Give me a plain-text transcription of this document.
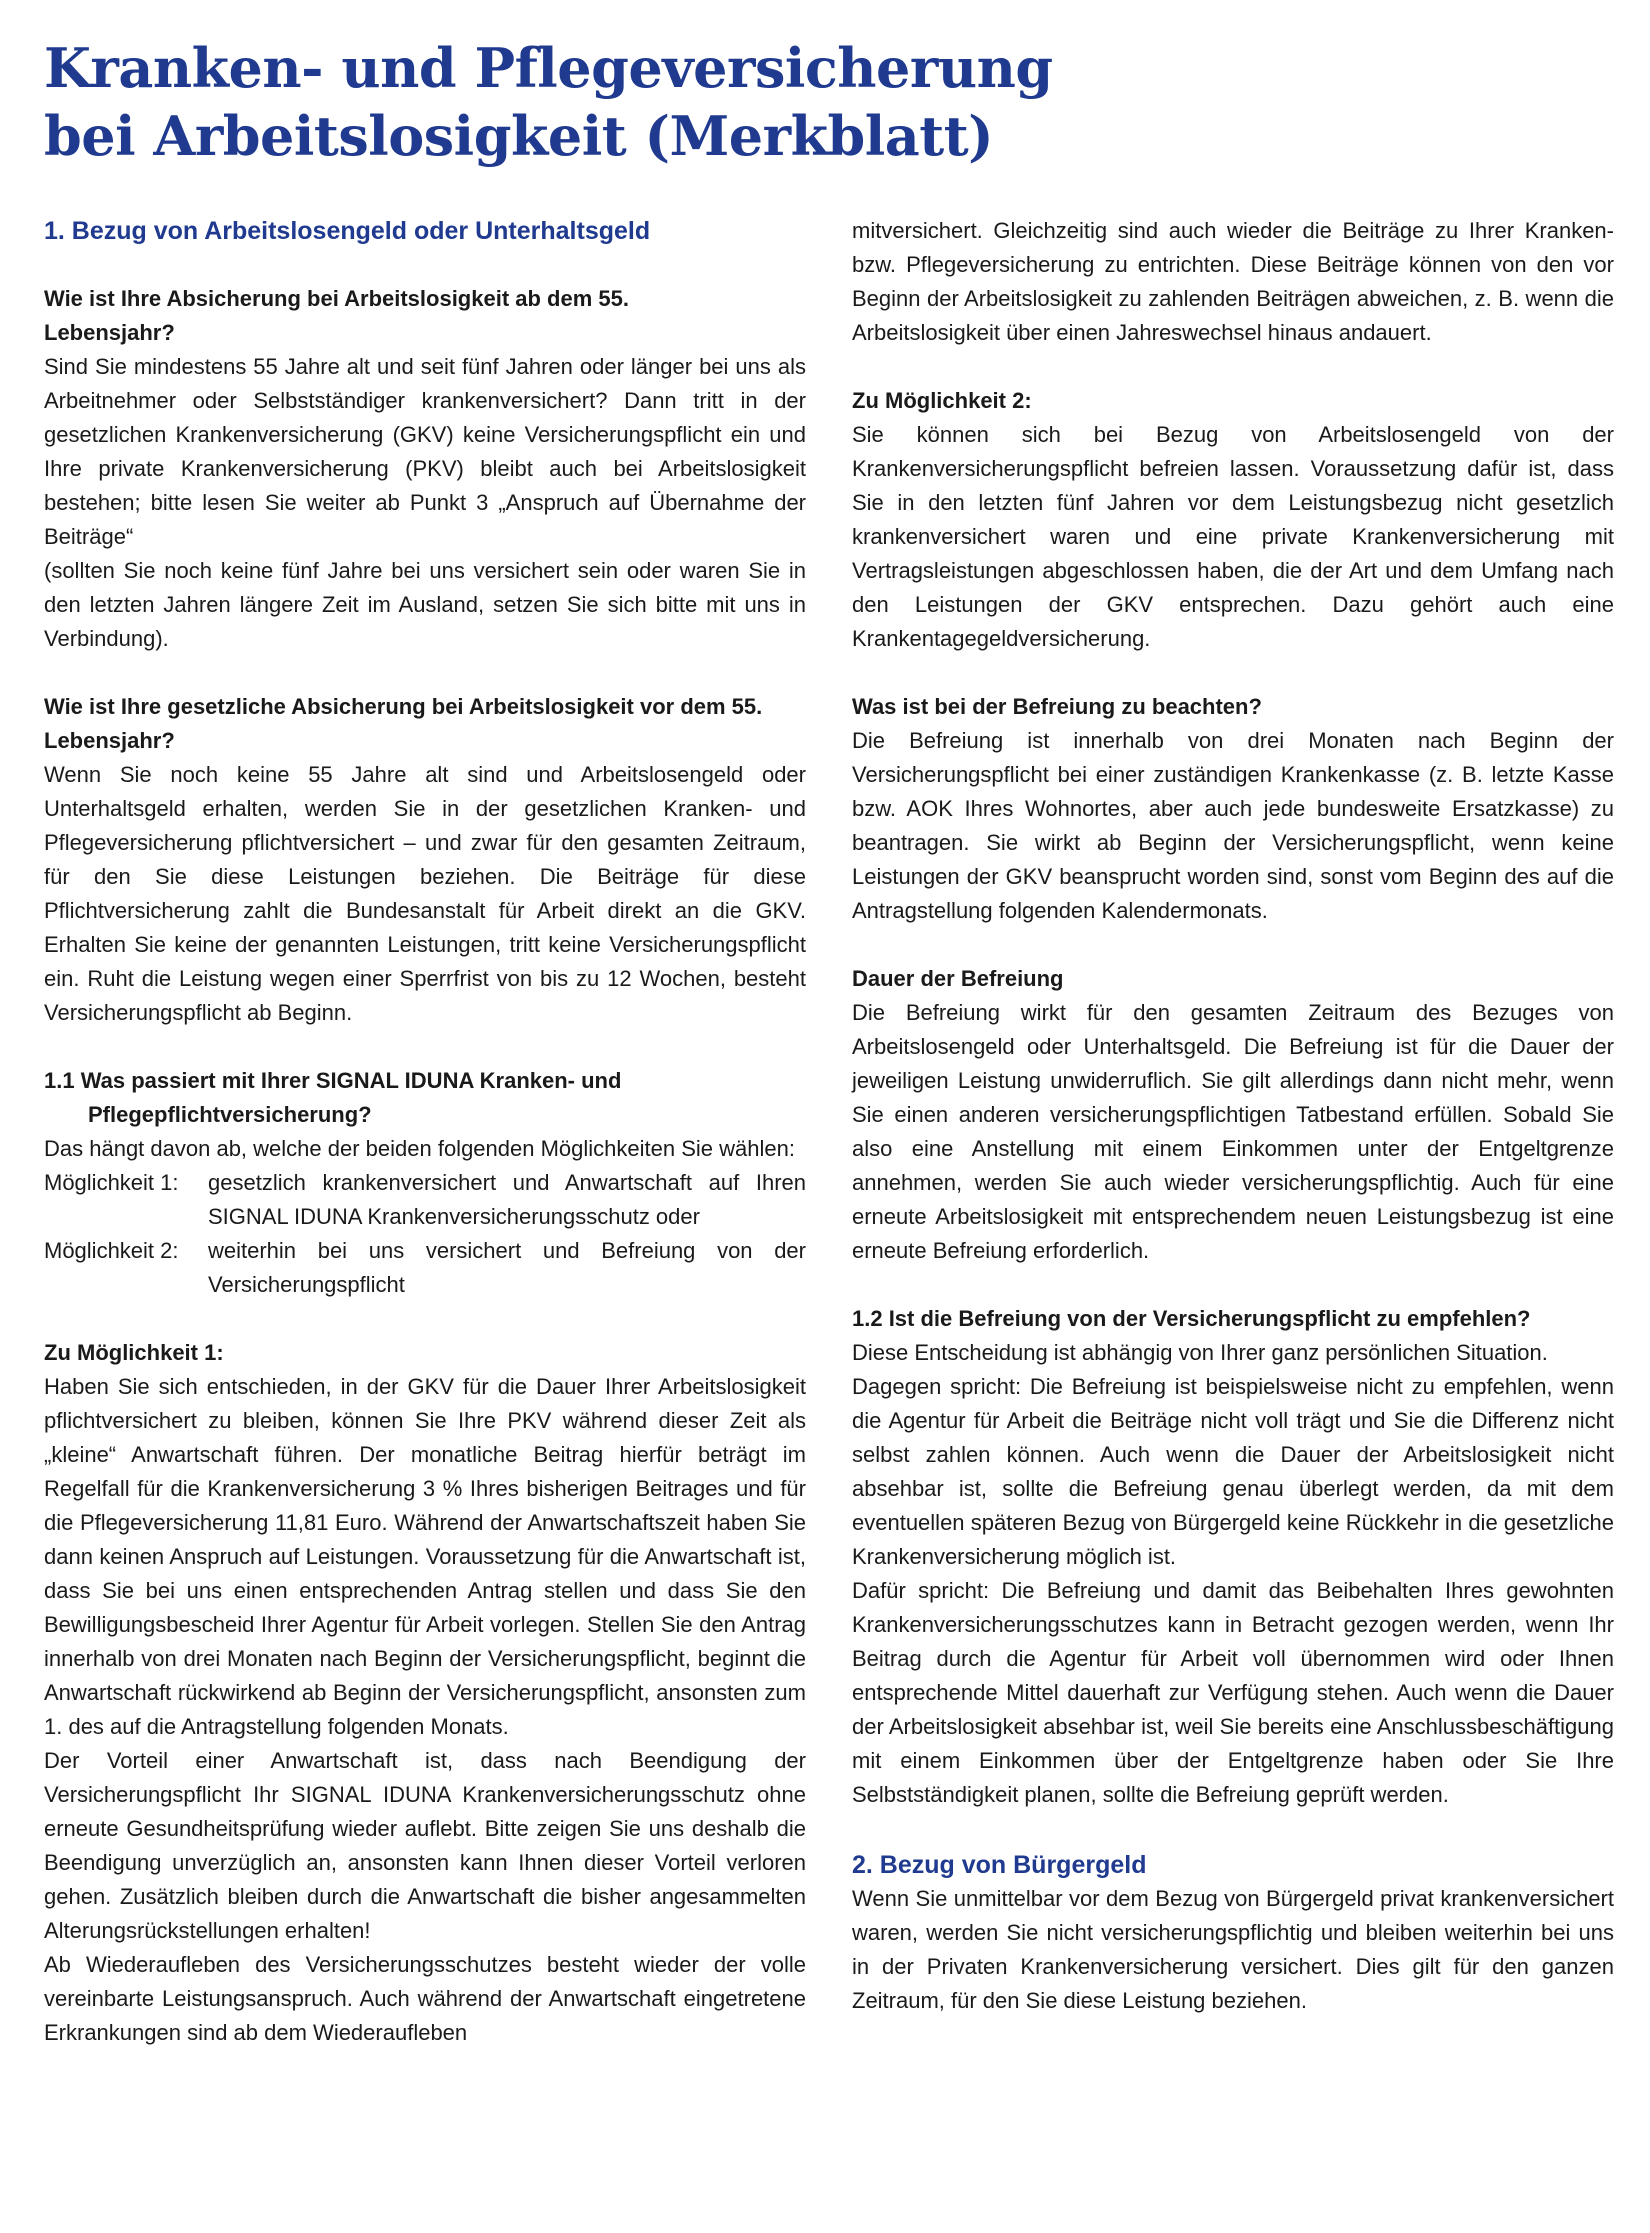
Kranken- und Pflegeversicherung
bei Arbeitslosigkeit (Merkblatt)
1. Bezug von Arbeitslosengeld oder Unterhaltsgeld
Wie ist Ihre Absicherung bei Arbeitslosigkeit ab dem 55. Lebensjahr?

Sind Sie mindestens 55 Jahre alt und seit fünf Jahren oder länger bei uns als Arbeitnehmer oder Selbstständiger krankenversichert? Dann tritt in der gesetzlichen Krankenversicherung (GKV) keine Versicherungspflicht ein und Ihre private Krankenversicherung (PKV) bleibt auch bei Arbeitslosigkeit bestehen; bitte lesen Sie weiter ab Punkt 3 „Anspruch auf Übernahme der Beiträge“

(sollten Sie noch keine fünf Jahre bei uns versichert sein oder waren Sie in den letzten Jahren längere Zeit im Ausland, setzen Sie sich bitte mit uns in Verbindung).

Wie ist Ihre gesetzliche Absicherung bei Arbeitslosigkeit vor dem 55. Lebensjahr?

Wenn Sie noch keine 55 Jahre alt sind und Arbeitslosengeld oder Unterhaltsgeld erhalten, werden Sie in der gesetzlichen Kranken- und Pflegeversicherung pflichtversichert – und zwar für den gesamten Zeitraum, für den Sie diese Leistungen beziehen. Die Beiträge für diese Pflichtversicherung zahlt die Bundesanstalt für Arbeit direkt an die GKV. Erhalten Sie keine der genannten Leistungen, tritt keine Versicherungspflicht ein. Ruht die Leistung wegen einer Sperrfrist von bis zu 12 Wochen, besteht Versicherungspflicht ab Beginn.

1.1 Was passiert mit Ihrer SIGNAL IDUNA Kranken- und Pflegepflichtversicherung?

Das hängt davon ab, welche der beiden folgenden Möglichkeiten Sie wählen:

Möglichkeit 1:	gesetzlich krankenversichert und Anwartschaft auf Ihren SIGNAL IDUNA Krankenversicherungsschutz oder
Möglichkeit 2:	weiterhin bei uns versichert und Befreiung von der Versicherungspflicht
Zu Möglichkeit 1:

Haben Sie sich entschieden, in der GKV für die Dauer Ihrer Arbeitslosigkeit pflichtversichert zu bleiben, können Sie Ihre PKV während dieser Zeit als „kleine“ Anwartschaft führen. Der monatliche Beitrag hierfür beträgt im Regelfall für die Krankenversicherung 3 % Ihres bisherigen Beitrages und für die Pflegeversicherung 11,81 Euro. Während der Anwartschaftszeit haben Sie dann keinen Anspruch auf Leistungen. Voraussetzung für die Anwartschaft ist, dass Sie bei uns einen entsprechenden Antrag stellen und dass Sie den Bewilligungsbescheid Ihrer Agentur für Arbeit vorlegen. Stellen Sie den Antrag innerhalb von drei Monaten nach Beginn der Versicherungspflicht, beginnt die Anwartschaft rückwirkend ab Beginn der Versicherungspflicht, ansonsten zum 1. des auf die Antragstellung folgenden Monats.

Der Vorteil einer Anwartschaft ist, dass nach Beendigung der Versicherungspflicht Ihr SIGNAL IDUNA Krankenversicherungsschutz ohne erneute Gesundheitsprüfung wieder auflebt. Bitte zeigen Sie uns deshalb die Beendigung unverzüglich an, ansonsten kann Ihnen dieser Vorteil verloren gehen. Zusätzlich bleiben durch die Anwartschaft die bisher angesammelten Alterungsrückstellungen erhalten!

Ab Wiederaufleben des Versicherungsschutzes besteht wieder der volle vereinbarte Leistungsanspruch. Auch während der Anwartschaft eingetretene Erkrankungen sind ab dem Wiederaufleben

mitversichert. Gleichzeitig sind auch wieder die Beiträge zu Ihrer Kranken- bzw. Pflegeversicherung zu entrichten. Diese Beiträge können von den vor Beginn der Arbeitslosigkeit zu zahlenden Beiträgen abweichen, z. B. wenn die Arbeitslosigkeit über einen Jahreswechsel hinaus andauert.

Zu Möglichkeit 2:

Sie können sich bei Bezug von Arbeitslosengeld von der Krankenversicherungspflicht befreien lassen. Voraussetzung dafür ist, dass Sie in den letzten fünf Jahren vor dem Leistungsbezug nicht gesetzlich krankenversichert waren und eine private Krankenversicherung mit Vertragsleistungen abgeschlossen haben, die der Art und dem Umfang nach den Leistungen der GKV entsprechen. Dazu gehört auch eine Krankentagegeldversicherung.

Was ist bei der Befreiung zu beachten?

Die Befreiung ist innerhalb von drei Monaten nach Beginn der Versicherungspflicht bei einer zuständigen Krankenkasse (z. B. letzte Kasse bzw. AOK Ihres Wohnortes, aber auch jede bundesweite Ersatzkasse) zu beantragen. Sie wirkt ab Beginn der Versicherungspflicht, wenn keine Leistungen der GKV beansprucht worden sind, sonst vom Beginn des auf die Antragstellung folgenden Kalendermonats.

Dauer der Befreiung

Die Befreiung wirkt für den gesamten Zeitraum des Bezuges von Arbeitslosengeld oder Unterhaltsgeld. Die Befreiung ist für die Dauer der jeweiligen Leistung unwiderruflich. Sie gilt allerdings dann nicht mehr, wenn Sie einen anderen versicherungspflichtigen Tatbestand erfüllen. Sobald Sie also eine Anstellung mit einem Einkommen unter der Entgeltgrenze annehmen, werden Sie auch wieder versicherungspflichtig. Auch für eine erneute Arbeitslosigkeit mit entsprechendem neuen Leistungsbezug ist eine erneute Befreiung erforderlich.

1.2 Ist die Befreiung von der Versicherungspflicht zu empfehlen?

Diese Entscheidung ist abhängig von Ihrer ganz persönlichen Situation.

Dagegen spricht: Die Befreiung ist beispielsweise nicht zu empfehlen, wenn die Agentur für Arbeit die Beiträge nicht voll trägt und Sie die Differenz nicht selbst zahlen können. Auch wenn die Dauer der Arbeitslosigkeit nicht absehbar ist, sollte die Befreiung genau überlegt werden, da mit dem eventuellen späteren Bezug von Bürgergeld keine Rückkehr in die gesetzliche Krankenversicherung möglich ist.

Dafür spricht: Die Befreiung und damit das Beibehalten Ihres gewohnten Krankenversicherungsschutzes kann in Betracht gezogen werden, wenn Ihr Beitrag durch die Agentur für Arbeit voll übernommen wird oder Ihnen entsprechende Mittel dauerhaft zur Verfügung stehen. Auch wenn die Dauer der Arbeitslosigkeit absehbar ist, weil Sie bereits eine Anschlussbeschäftigung mit einem Einkommen über der Entgeltgrenze haben oder Sie Ihre Selbstständigkeit planen, sollte die Befreiung geprüft werden.

2. Bezug von Bürgergeld

Wenn Sie unmittelbar vor dem Bezug von Bürgergeld privat krankenversichert waren, werden Sie nicht versicherungspflichtig und bleiben weiterhin bei uns in der Privaten Krankenversicherung versichert. Dies gilt für den ganzen Zeitraum, für den Sie diese Leistung beziehen.
